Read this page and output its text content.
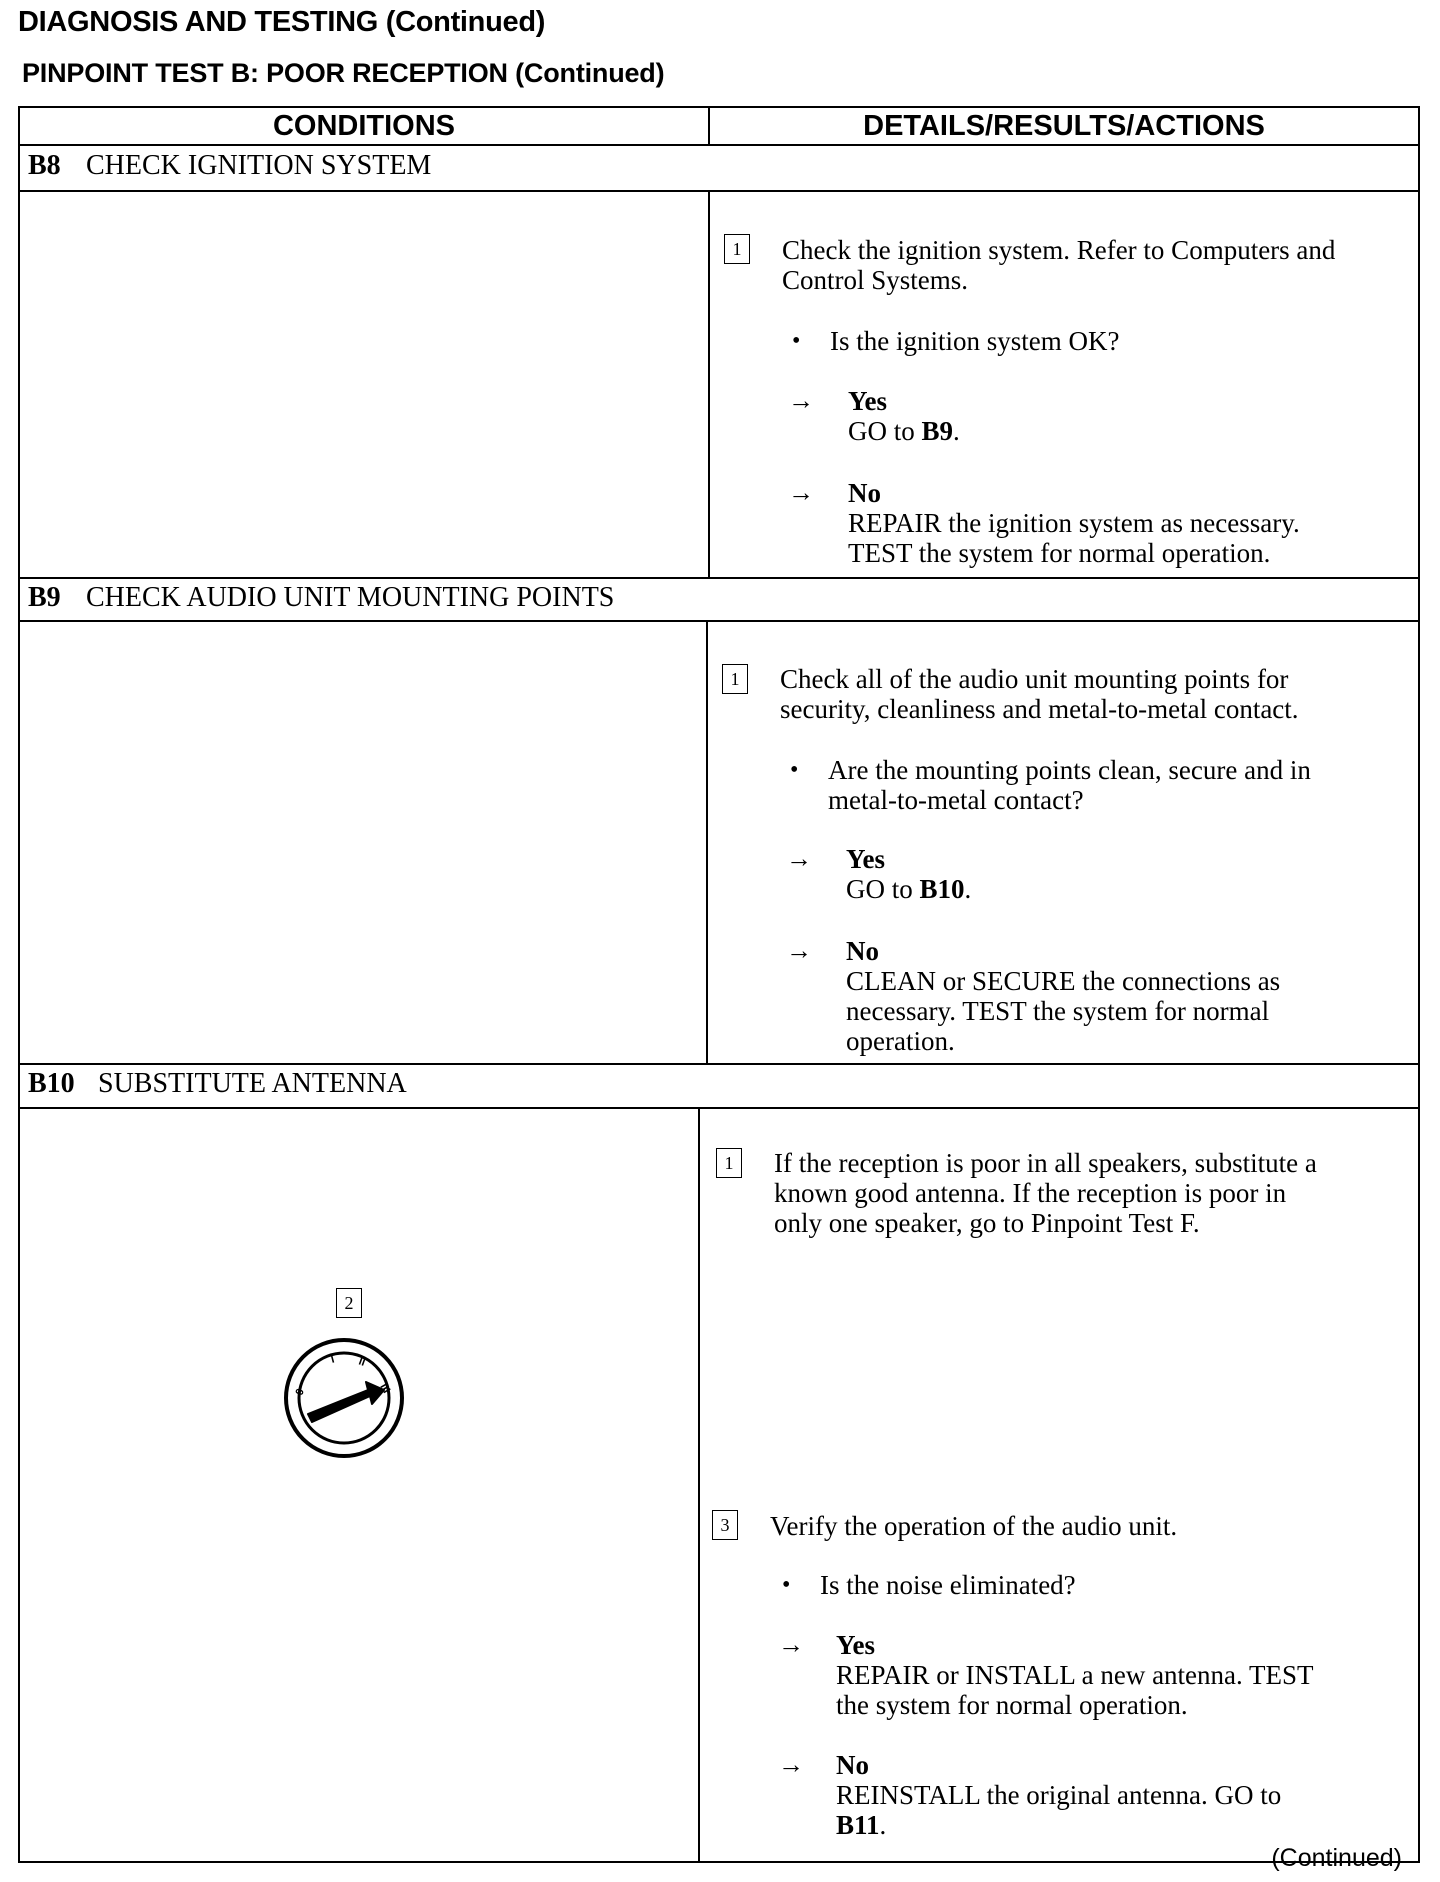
DIAGNOSIS AND TESTING (Continued)
PINPOINT TEST B: POOR RECEPTION (Continued)
CONDITIONS	DETAILS/RESULTS/ACTIONS
B8 CHECK IGNITION SYSTEM
1	Check the ignition system. Refer to Computers and
Control Systems.
• Is the ignition system OK?
→ Yes
GO to B9.
→ No
REPAIR the ignition system as necessary.
TEST the system for normal operation.
B9 CHECK AUDIO UNIT MOUNTING POINTS
1	Check all of the audio unit mounting points for
security, cleanliness and metal-to-metal contact.
• Are the mounting points clean, secure and in
metal-to-metal contact?
→ Yes
GO to B10.
→ No
CLEAN or SECURE the connections as
necessary. TEST the system for normal
operation.
B10 SUBSTITUTE ANTENNA
2
0
I II
III
1	If the reception is poor in all speakers, substitute a
known good antenna. If the reception is poor in
only one speaker, go to Pinpoint Test F.
3	Verify the operation of the audio unit.
• Is the noise eliminated?
→ Yes
REPAIR or INSTALL a new antenna. TEST
the system for normal operation.
→ No
REINSTALL the original antenna. GO to
B11.
(Continued)
